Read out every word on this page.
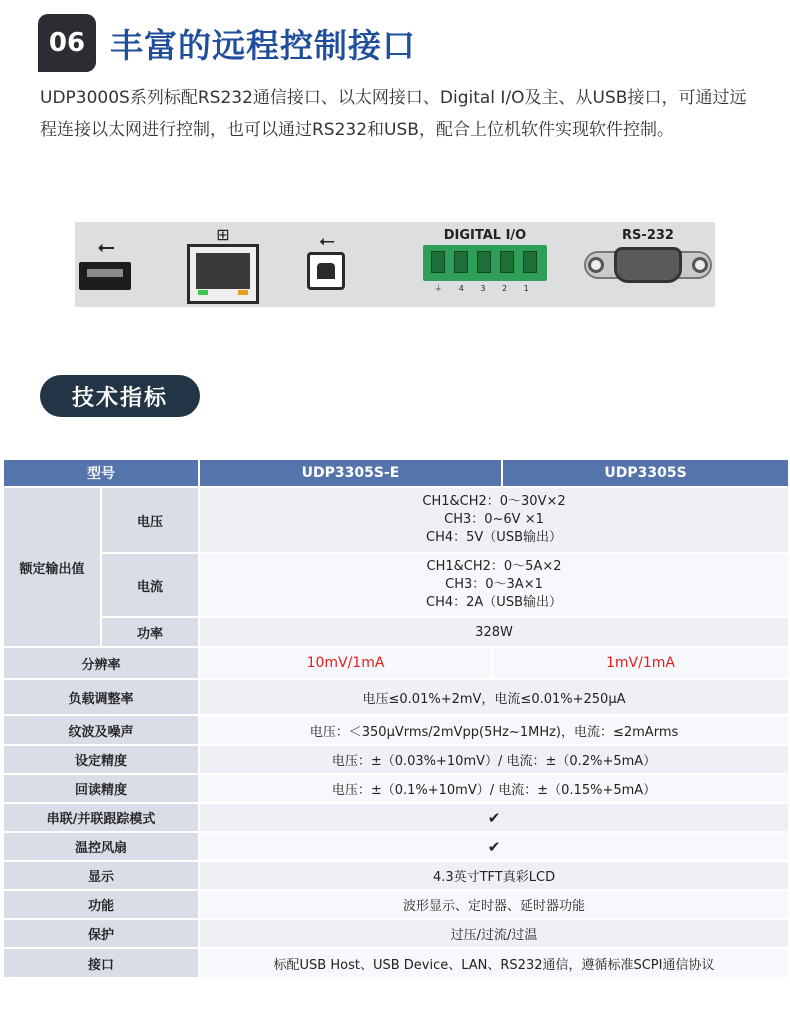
06 丰富的远程控制接口

UDP3000S系列标配RS232通信接口、以太网接口、Digital I/O及主、从USB接口，可通过远程连接以太网进行控制，也可以通过RS232和USB，配合上位机软件实现软件控制。

⭠
⊞	⭠	DIGITAL I/O
⏚ 4 3 2 1
RS-232
技术指标
型号		UDP3305S-E		UDP3305S
额定输出值	电压	CH1&CH2：0～30V×2
CH3：0~6V ×1
CH4：5V（USB输出）		

	电流	CH1&CH2：0～5A×2
CH3：0～3A×1
CH4：2A（USB输出）		

	功率	328W		
分辨率		10mV/1mA	1mV/1mA	
负载调整率		电压≤0.01%+2mV，电流≤0.01%+250μA		
纹波及噪声		电压：＜350μVrms/2mVpp(5Hz~1MHz)，电流：≤2mArms		
设定精度		电压：±（0.03%+10mV）/ 电流：±（0.2%+5mA）		
回读精度		电压：±（0.1%+10mV）/ 电流：±（0.15%+5mA）		
串联/并联跟踪模式		✔		
温控风扇		✔		
显示		4.3英寸TFT真彩LCD		
功能		波形显示、定时器、延时器功能		
保护		过压/过流/过温		
接口		标配USB Host、USB Device、LAN、RS232通信，遵循标准SCPI通信协议		
